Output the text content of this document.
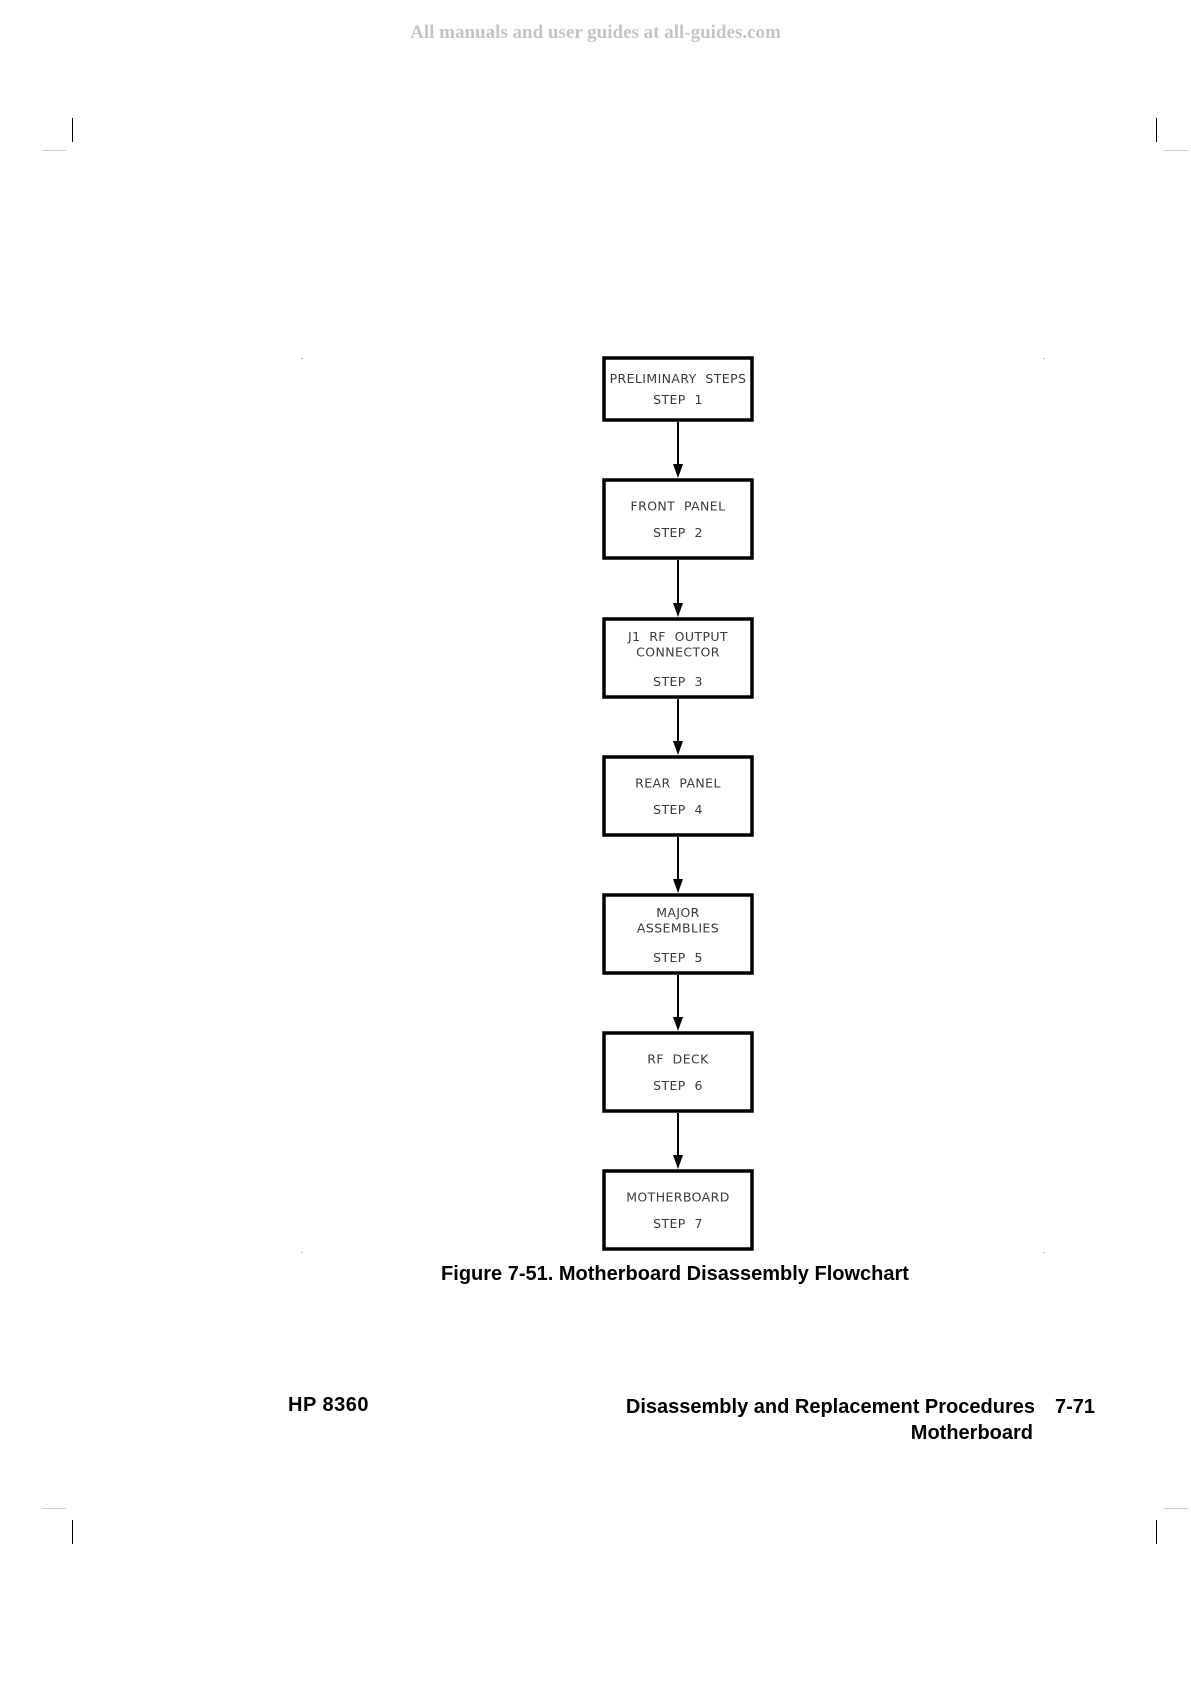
All manuals and user guides at all-guides.com
PRELIMINARY  STEPS
STEP  1
FRONT  PANEL
STEP  2
J1  RF  OUTPUT
CONNECTOR
STEP  3
REAR  PANEL
STEP  4
MAJOR
ASSEMBLIES
STEP  5
RF  DECK
STEP  6
MOTHERBOARD
STEP  7
Figure 7-51. Motherboard Disassembly Flowchart
HP 8360	Disassembly and Replacement Procedures 7-71
Motherboard
